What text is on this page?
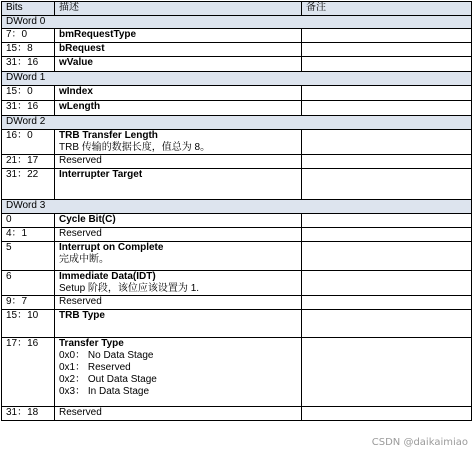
Bits	描述	备注
DWord 0		
7：0	bmRequestType	

15：8	bRequest	

31：16	wValue	

DWord 1		
15：0	wIndex	

31：16	wLength	

DWord 2		
16：0	TRB Transfer Length
TRB 传输的数据长度，值总为 8。	

21：17	Reserved	

31：22	Interrupter Target	

DWord 3		
0	Cycle Bit(C)	

4：1	Reserved	

5	Interrupt on Complete
完成中断。	

6	Immediate Data(IDT)
Setup 阶段，该位应该设置为 1.	

9：7	Reserved	

15：10	TRB Type	

17：16	Transfer Type
0x0： No Data Stage
0x1： Reserved
0x2： Out Data Stage
0x3： In Data Stage	

31：18	Reserved	

CSDN @daikaimiao
